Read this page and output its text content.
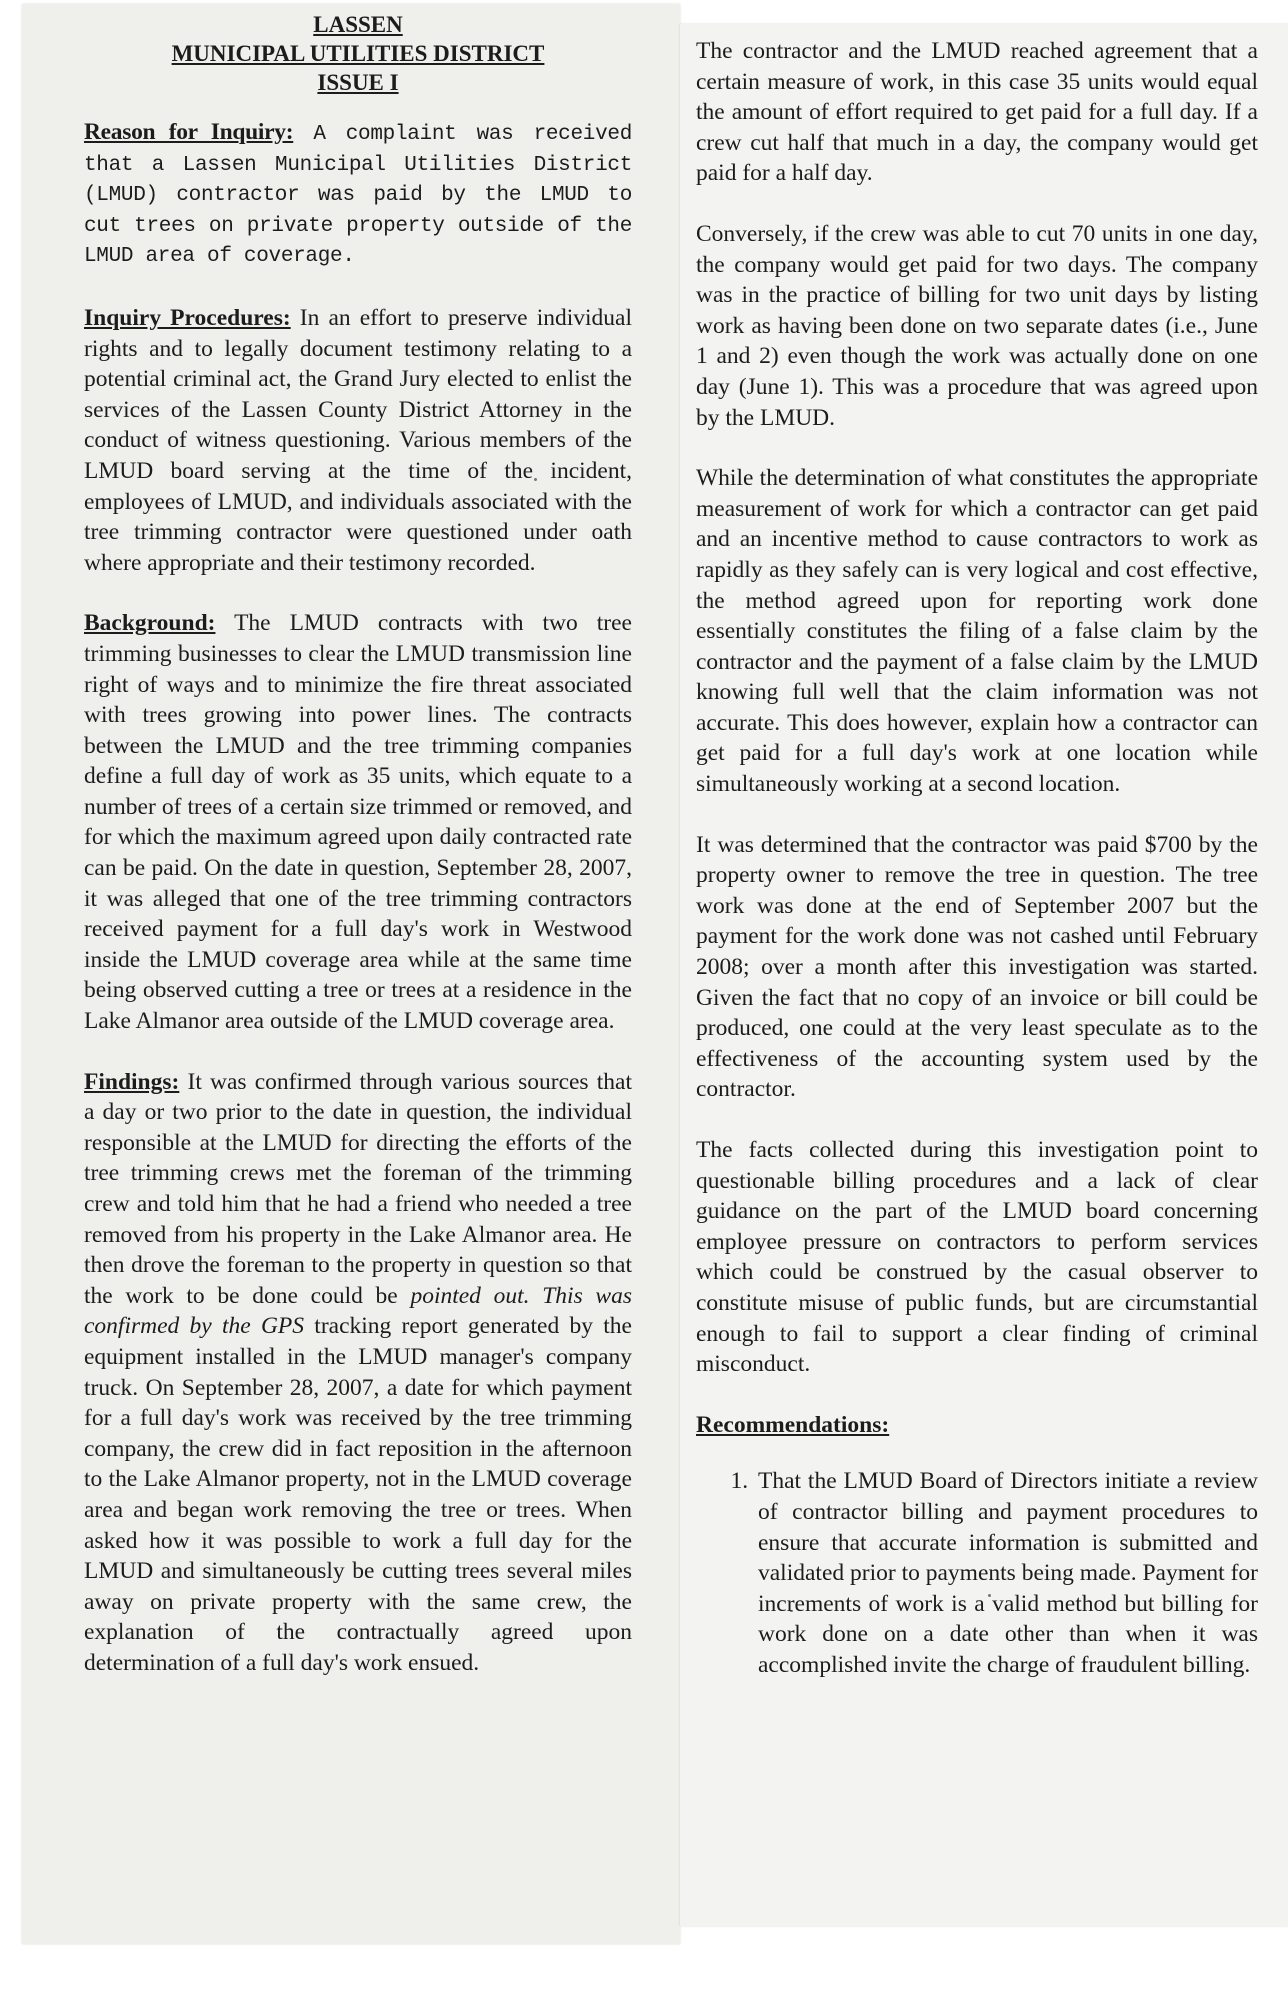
LASSEN
MUNICIPAL UTILITIES DISTRICT
ISSUE I

Reason for Inquiry: A complaint was received that a Lassen Municipal Utilities District (LMUD) contractor was paid by the LMUD to cut trees on private property outside of the LMUD area of coverage.

Inquiry Procedures: In an effort to preserve individual rights and to legally document testimony relating to a potential criminal act, the Grand Jury elected to enlist the services of the Lassen County District Attorney in the conduct of witness questioning. Various members of the LMUD board serving at the time of the incident, employees of LMUD, and individuals associated with the tree trimming contractor were questioned under oath where appropriate and their testimony recorded.

Background: The LMUD contracts with two tree trimming businesses to clear the LMUD transmission line right of ways and to minimize the fire threat associated with trees growing into power lines. The contracts between the LMUD and the tree trimming companies define a full day of work as 35 units, which equate to a number of trees of a certain size trimmed or removed, and for which the maximum agreed upon daily contracted rate can be paid. On the date in question, September 28, 2007, it was alleged that one of the tree trimming contractors received payment for a full day's work in Westwood inside the LMUD coverage area while at the same time being observed cutting a tree or trees at a residence in the Lake Almanor area outside of the LMUD coverage area.

Findings: It was confirmed through various sources that a day or two prior to the date in question, the individual responsible at the LMUD for directing the efforts of the tree trimming crews met the foreman of the trimming crew and told him that he had a friend who needed a tree removed from his property in the Lake Almanor area. He then drove the foreman to the property in question so that the work to be done could be pointed out. This was confirmed by the GPS tracking report generated by the equipment installed in the LMUD manager's company truck. On September 28, 2007, a date for which payment for a full day's work was received by the tree trimming company, the crew did in fact reposition in the afternoon to the Lake Almanor property, not in the LMUD coverage area and began work removing the tree or trees. When asked how it was possible to work a full day for the LMUD and simultaneously be cutting trees several miles away on private property with the same crew, the explanation of the contractually agreed upon determination of a full day's work ensued.

The contractor and the LMUD reached agreement that a certain measure of work, in this case 35 units would equal the amount of effort required to get paid for a full day. If a crew cut half that much in a day, the company would get paid for a half day.

Conversely, if the crew was able to cut 70 units in one day, the company would get paid for two days. The company was in the practice of billing for two unit days by listing work as having been done on two separate dates (i.e., June 1 and 2) even though the work was actually done on one day (June 1). This was a procedure that was agreed upon by the LMUD.

While the determination of what constitutes the appropriate measurement of work for which a contractor can get paid and an incentive method to cause contractors to work as rapidly as they safely can is very logical and cost effective, the method agreed upon for reporting work done essentially constitutes the filing of a false claim by the contractor and the payment of a false claim by the LMUD knowing full well that the claim information was not accurate. This does however, explain how a contractor can get paid for a full day's work at one location while simultaneously working at a second location.

It was determined that the contractor was paid $700 by the property owner to remove the tree in question. The tree work was done at the end of September 2007 but the payment for the work done was not cashed until February 2008; over a month after this investigation was started. Given the fact that no copy of an invoice or bill could be produced, one could at the very least speculate as to the effectiveness of the accounting system used by the contractor.

The facts collected during this investigation point to questionable billing procedures and a lack of clear guidance on the part of the LMUD board concerning employee pressure on contractors to perform services which could be construed by the casual observer to constitute misuse of public funds, but are circumstantial enough to fail to support a clear finding of criminal misconduct.

Recommendations:
1. That the LMUD Board of Directors initiate a review of contractor billing and payment procedures to ensure that accurate information is submitted and validated prior to payments being made. Payment for increments of work is a valid method but billing for work done on a date other than when it was accomplished invite the charge of fraudulent billing.
